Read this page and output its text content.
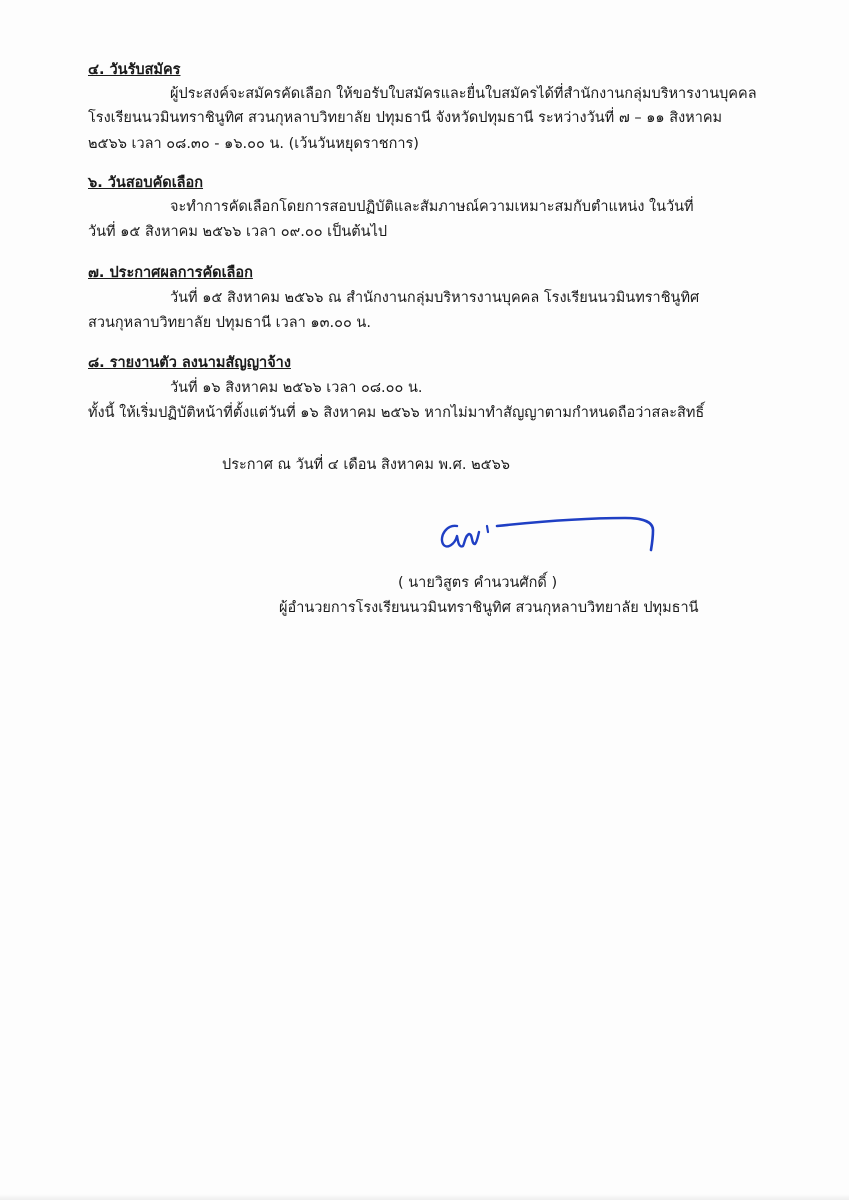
๔. วันรับสมัคร
ผู้ประสงค์จะสมัครคัดเลือก ให้ขอรับใบสมัครและยื่นใบสมัครได้ที่สำนักงานกลุ่มบริหารงานบุคคล
โรงเรียนนวมินทราชินูทิศ สวนกุหลาบวิทยาลัย ปทุมธานี จังหวัดปทุมธานี ระหว่างวันที่ ๗ – ๑๑ สิงหาคม
๒๕๖๖ เวลา ๐๘.๓๐ - ๑๖.๐๐ น. (เว้นวันหยุดราชการ)
๖. วันสอบคัดเลือก
จะทำการคัดเลือกโดยการสอบปฏิบัติและสัมภาษณ์ความเหมาะสมกับตำแหน่ง ในวันที่
วันที่ ๑๕ สิงหาคม ๒๕๖๖ เวลา ๐๙.๐๐ เป็นต้นไป
๗. ประกาศผลการคัดเลือก
วันที่ ๑๕ สิงหาคม ๒๕๖๖ ณ สำนักงานกลุ่มบริหารงานบุคคล โรงเรียนนวมินทราชินูทิศ
สวนกุหลาบวิทยาลัย ปทุมธานี เวลา ๑๓.๐๐ น.
๘. รายงานตัว ลงนามสัญญาจ้าง
วันที่ ๑๖ สิงหาคม ๒๕๖๖ เวลา ๐๘.๐๐ น.
ทั้งนี้ ให้เริ่มปฏิบัติหน้าที่ตั้งแต่วันที่ ๑๖ สิงหาคม ๒๕๖๖ หากไม่มาทำสัญญาตามกำหนดถือว่าสละสิทธิ์
ประกาศ ณ วันที่ ๔ เดือน สิงหาคม พ.ศ. ๒๕๖๖
( นายวิสูตร คำนวนศักดิ์ )
ผู้อำนวยการโรงเรียนนวมินทราชินูทิศ สวนกุหลาบวิทยาลัย ปทุมธานี
